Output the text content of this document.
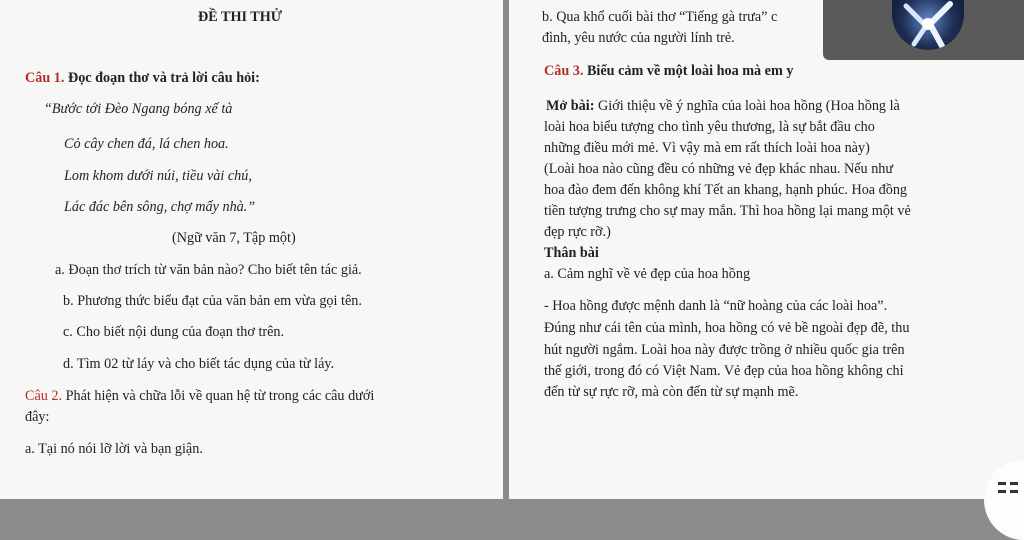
ĐỀ THI THỬ
Câu 1. Đọc đoạn thơ và trả lời câu hỏi:
“Bước tới Đèo Ngang bóng xế tà
Cỏ cây chen đá, lá chen hoa.
Lom khom dưới núi, tiều vài chú,
Lác đác bên sông, chợ mấy nhà.”
(Ngữ văn 7, Tập một)
a. Đoạn thơ trích từ văn bản nào? Cho biết tên tác giả.
b. Phương thức biểu đạt của văn bản em vừa gọi tên.
c. Cho biết nội dung của đoạn thơ trên.
d. Tìm 02 từ láy và cho biết tác dụng của từ láy.
Câu 2. Phát hiện và chữa lỗi về quan hệ từ trong các câu dưới
đây:
a. Tại nó nói lỡ lời và bạn giận.
b. Qua khổ cuối bài thơ “Tiếng gà trưa” c
đình, yêu nước của người lính trẻ.
Câu 3. Biểu cảm về một loài hoa mà em y
Mở bài: Giới thiệu về ý nghĩa của loài hoa hồng (Hoa hồng là
loài hoa biểu tượng cho tình yêu thương, là sự bắt đầu cho
những điều mới mẻ. Vì vậy mà em rất thích loài hoa này)
(Loài hoa nào cũng đều có những vẻ đẹp khác nhau. Nếu như
hoa đào đem đến không khí Tết an khang, hạnh phúc. Hoa đồng
tiền tượng trưng cho sự may mắn. Thì hoa hồng lại mang một vẻ
đẹp rực rỡ.)
Thân bài
a. Cảm nghĩ về vẻ đẹp của hoa hồng
- Hoa hồng được mệnh danh là “nữ hoàng của các loài hoa”.
Đúng như cái tên của mình, hoa hồng có vẻ bề ngoài đẹp đẽ, thu
hút người ngắm. Loài hoa này được trồng ở nhiều quốc gia trên
thế giới, trong đó có Việt Nam. Vẻ đẹp của hoa hồng không chỉ
đến từ sự rực rỡ, mà còn đến từ sự mạnh mẽ.
